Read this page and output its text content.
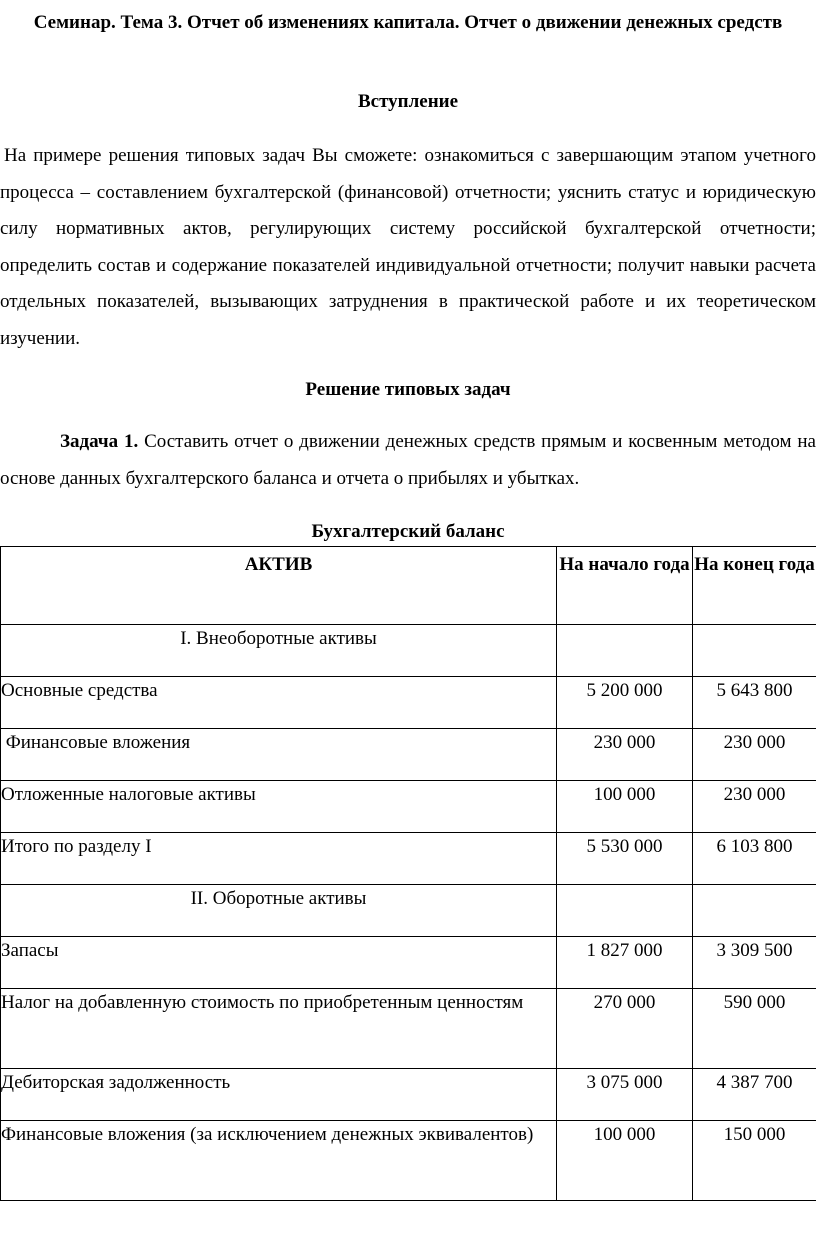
Семинар. Тема 3. Отчет об изменениях капитала. Отчет о движении денежных средств
Вступление
На примере решения типовых задач Вы сможете: ознакомиться с завершающим этапом учетного процесса – составлением бухгалтерской (финансовой) отчетности; уяснить статус и юридическую силу нормативных актов, регулирующих систему российской бухгалтерской отчетности; определить состав и содержание показателей индивидуальной отчетности; получит навыки расчета отдельных показателей, вызывающих затруднения в практической работе и их теоретическом изучении.
Решение типовых задач
Задача 1. Составить отчет о движении денежных средств прямым и косвенным методом на основе данных бухгалтерского баланса и отчета о прибылях и убытках.
Бухгалтерский баланс
АКТИВ	На начало года	На конец года
I. Внеоборотные активы		
Основные средства	5 200 000	5 643 800
Финансовые вложения	230 000	230 000
Отложенные налоговые активы	100 000	230 000
Итого по разделу I	5 530 000	6 103 800
II. Оборотные активы		
Запасы	1 827 000	3 309 500
Налог на добавленную стоимость по приобретенным ценностям	270 000	590 000
Дебиторская задолженность	3 075 000	4 387 700
Финансовые вложения (за исключением денежных эквивалентов)	100 000	150 000
